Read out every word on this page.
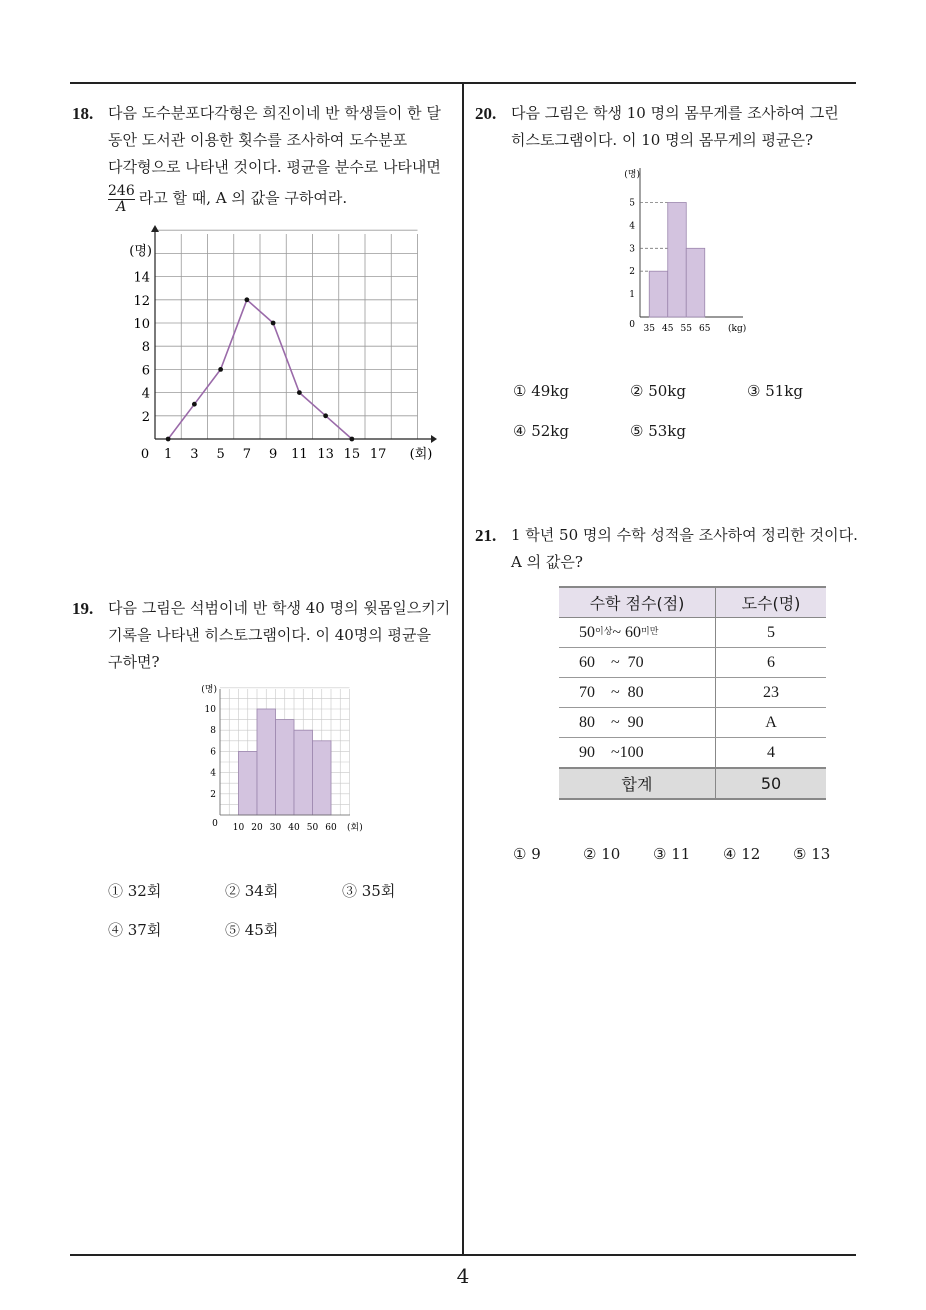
4
18. 다음 도수분포다각형은 희진이네 반 학생들이 한 달
동안 도서관 이용한 횟수를 조사하여 도수분포
다각형으로 나타낸 것이다. 평균을 분수로 나타내면
$\frac{246}{A}$ 라고 할 때, A 의 값을 구하여라.
2
4
6
8
10
12
14
(명)
0 1 3 5 7 9 11 13 15 17 (회)
19. 다음 그림은 석범이네 반 학생 40 명의 윗몸일으키기
기록을 나타낸 히스토그램이다. 이 40명의 평균을
구하면?
2
4
6
8
10
(명)
0 10 20 30 40 50 60 (회)
① 32회	② 34회	③ 35회
④ 37회	⑤ 45회
20. 다음 그림은 학생 10 명의 몸무게를 조사하여 그린
히스토그램이다. 이 10 명의 몸무게의 평균은?
0
1
2
3
4
5
(명)
35 45 55 65 (kg)
① 49kg	② 50kg	③ 51kg
④ 52kg	⑤ 53kg
21. 1 학년 50 명의 수학 성적을 조사하여 정리한 것이다.
A 의 값은?
수학 점수(점)	도수(명)
$50^{이상}\sim$ $60^{미만}$	5
60 ~ 70	6
70 ~ 80	23
80 ~ 90	A
90 ~100	4
합계	50
① 9	② 10 ③ 11 ④ 12 ⑤ 13
